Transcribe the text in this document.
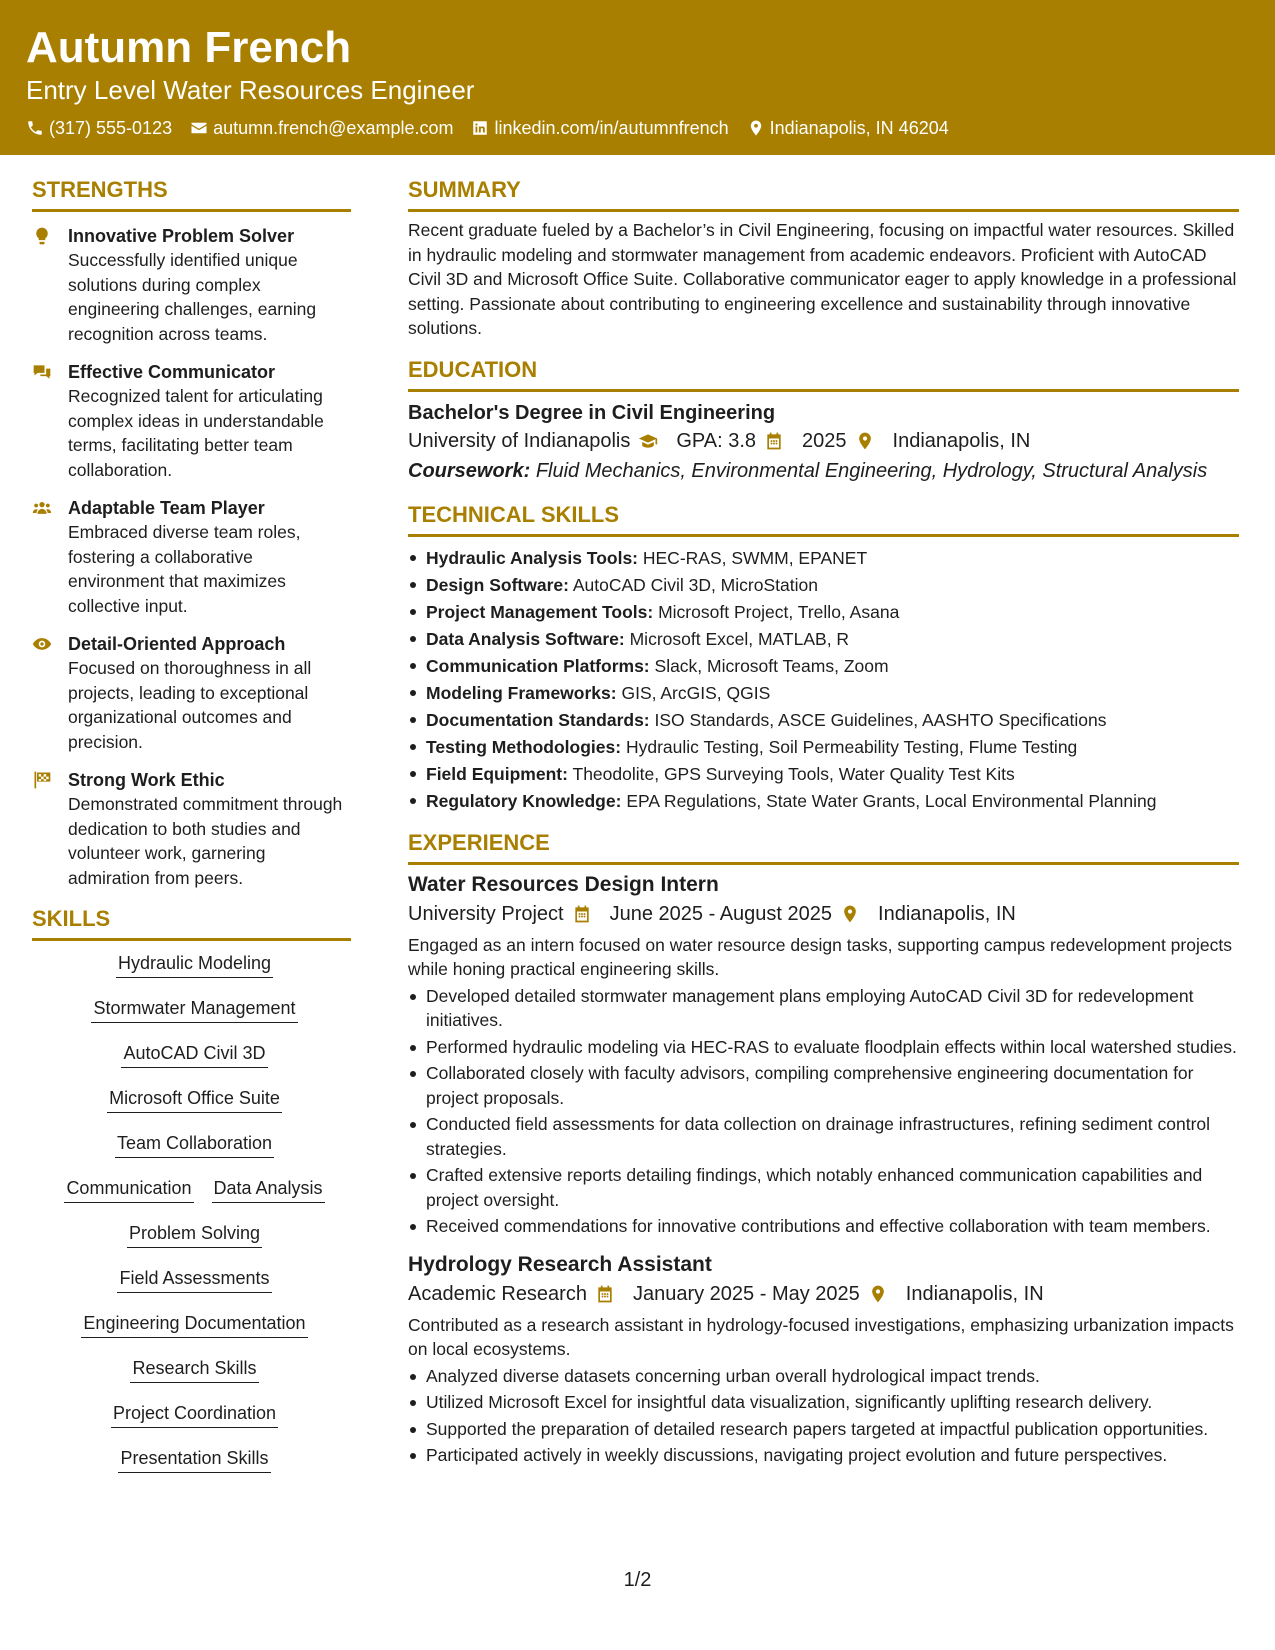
Autumn French
Entry Level Water Resources Engineer
(317) 555-0123 autumn.french@example.com linkedin.com/in/autumnfrench Indianapolis, IN 46204
STRENGTHS
Innovative Problem Solver
Successfully identified unique solutions during complex engineering challenges, earning recognition across teams.
Effective Communicator
Recognized talent for articulating complex ideas in understandable terms, facilitating better team collaboration.
Adaptable Team Player
Embraced diverse team roles, fostering a collaborative environment that maximizes collective input.
Detail-Oriented Approach
Focused on thoroughness in all projects, leading to exceptional organizational outcomes and precision.
Strong Work Ethic
Demonstrated commitment through dedication to both studies and volunteer work, garnering admiration from peers.
SKILLS
Hydraulic Modeling
Stormwater Management
AutoCAD Civil 3D
Microsoft Office Suite
Team Collaboration
Communication Data Analysis
Problem Solving
Field Assessments
Engineering Documentation
Research Skills
Project Coordination
Presentation Skills
SUMMARY
Recent graduate fueled by a Bachelor’s in Civil Engineering, focusing on impactful water resources. Skilled in hydraulic modeling and stormwater management from academic endeavors. Proficient with AutoCAD Civil 3D and Microsoft Office Suite. Collaborative communicator eager to apply knowledge in a professional setting. Passionate about contributing to engineering excellence and sustainability through innovative solutions.
EDUCATION
Bachelor's Degree in Civil Engineering
University of Indianapolis GPA: 3.8 2025 Indianapolis, IN
Coursework: Fluid Mechanics, Environmental Engineering, Hydrology, Structural Analysis
TECHNICAL SKILLS
Hydraulic Analysis Tools: HEC-RAS, SWMM, EPANET
Design Software: AutoCAD Civil 3D, MicroStation
Project Management Tools: Microsoft Project, Trello, Asana
Data Analysis Software: Microsoft Excel, MATLAB, R
Communication Platforms: Slack, Microsoft Teams, Zoom
Modeling Frameworks: GIS, ArcGIS, QGIS
Documentation Standards: ISO Standards, ASCE Guidelines, AASHTO Specifications
Testing Methodologies: Hydraulic Testing, Soil Permeability Testing, Flume Testing
Field Equipment: Theodolite, GPS Surveying Tools, Water Quality Test Kits
Regulatory Knowledge: EPA Regulations, State Water Grants, Local Environmental Planning
EXPERIENCE
Water Resources Design Intern
University Project June 2025 - August 2025 Indianapolis, IN
Engaged as an intern focused on water resource design tasks, supporting campus redevelopment projects while honing practical engineering skills.
Developed detailed stormwater management plans employing AutoCAD Civil 3D for redevelopment initiatives.
Performed hydraulic modeling via HEC-RAS to evaluate floodplain effects within local watershed studies.
Collaborated closely with faculty advisors, compiling comprehensive engineering documentation for project proposals.
Conducted field assessments for data collection on drainage infrastructures, refining sediment control strategies.
Crafted extensive reports detailing findings, which notably enhanced communication capabilities and project oversight.
Received commendations for innovative contributions and effective collaboration with team members.
Hydrology Research Assistant
Academic Research January 2025 - May 2025 Indianapolis, IN
Contributed as a research assistant in hydrology-focused investigations, emphasizing urbanization impacts on local ecosystems.
Analyzed diverse datasets concerning urban overall hydrological impact trends.
Utilized Microsoft Excel for insightful data visualization, significantly uplifting research delivery.
Supported the preparation of detailed research papers targeted at impactful publication opportunities.
Participated actively in weekly discussions, navigating project evolution and future perspectives.
1/2
